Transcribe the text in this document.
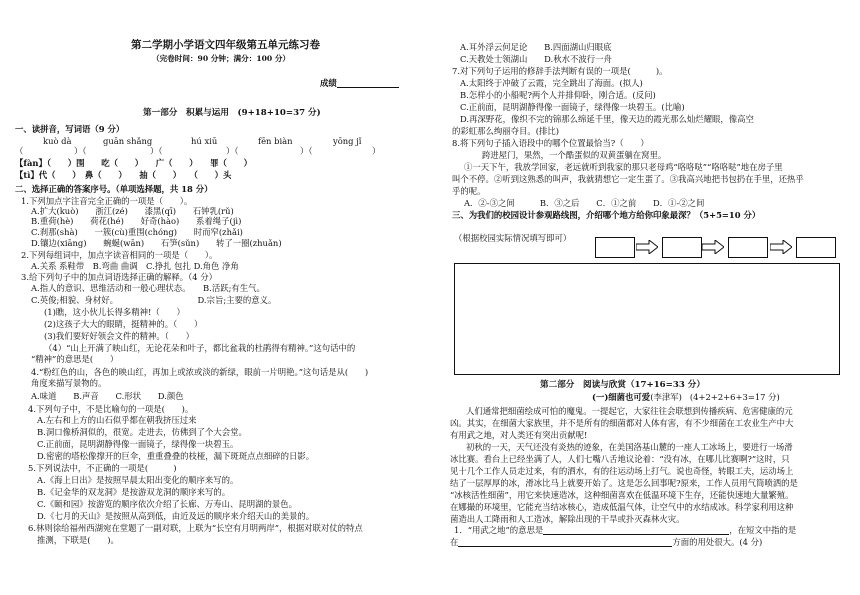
第二学期小学语文四年级第五单元练习卷
（完卷时间：90 分钟；满分：100 分）
成绩
第一部分　积累与运用　(9+18+10=37 分)
一、读拼音，写词语（9 分）
kuò dà	guān shǎng	hú xiū	fēn biàn	yōng jǐ
（	）（	）（	）（	）（	）
【fàn】（　　）围　　吃（　　）　　广（　　）　　罪（　　）
【tì】代（　　）　鼻（　　）　　抽（　　）　　（　　）头
二、选择正确的答案序号。（单项选择题，共 18 分）
1.下列加点字注音完全正确的一项是（　　）。
A.扩大(kuò)　　浙江(zé)　　漆黑(qī)　　石钟乳(rǔ)
B.重荷(hè)　　荷花(hé)　　好奇(hào)　　系着绳子(jì)
C.刹那(shà)　　一簇(cù)重围(chóng)　　时而窄(zhǎi)
D.镶边(xiāng)　　蜿蜒(wān)　　石笋(sǔn)　　转了一圈(zhuǎn)
2.下列每组词中，加点字读音相同的一项是（　　）。
A.关系 系鞋带　B.弯曲 曲调　C.挣扎 包扎 D.角色 净角
3.给下列句子中的加点词语选择正确的解释。（4 分）
A.指人的意识、思维活动和一般心理状态。　　B.活跃;有生气。
C.英俊;相貌、身材好。　　　　　　　　　　D.宗旨;主要的意义。
(1)瞧，这小伙儿长得多精神!（　　）
(2)这孩子大大的眼睛，挺精神的。（　　）
(3)我们要好好领会文件的精神。（　　）
（4）“山上开满了映山红，无论花朵和叶子，都比盆栽的杜鹃得有精神。”这句话中的
“精神”的意思是(　　）
4.“粉红色的山，各色的映山红，再加上或浓或淡的新绿，眼前一片明艳。”这句话是从(　　)
角度来描写景物的。
A.味道　　B.声音　　C.形状　　D.颜色
4.下列句子中，不是比喻句的一项是(　　)。
A.左右和上方的山石似乎都在朝我挤压过来
B.洞口像桥洞似的，很宽。走进去，仿佛到了个大会堂。
C.正前面，昆明湖静得像一面镜子，绿得像一块碧玉。
D.密密的塔松像撑开的巨伞，重重叠叠的枝桠，漏下斑斑点点细碎的日影。
5.下列说法中，不正确的一项是(　　　)
A.《海上日出》是按照早晨太阳出变化的顺序来写的。
B.《记金华的双龙洞》是按游双龙洞的顺序来写的。
C.《颐和园》按游览的顺序依次介绍了长廊、万寿山、昆明湖的景色。
D.《七月的天山》是按照从高到低，由近及远的顺序来介绍天山的美景的。
6.林则徐给福州西湖宛在堂题了一副对联，上联为“长空有月明两岸”，根据对联对仗的特点
推测，下联是(　　)。
A.耳外浮云何足论　　B.四面湖山归眼底
C.天教处士领湖山　　D.秋水不波行一舟
7.对下列句子运用的修辞手法判断有误的一项是(　　　)。
A.太阳终于冲破了云霞，完全跳出了海面。(拟人)
B.怎样小的小船呢?两个人并排仰卧，刚合适。(反问)
C.正前面，昆明湖静得像一面镜子，绿得像一块碧玉。(比喻)
D.再深野花，像织不完的锦那么绵延千里，像天边的霞光那么灿烂耀眼，像高空
的彩虹那么绚丽夺目。(排比)
8.将下列句子插入语段中的哪个位置最恰当?（　　）
跨进屋门，果然，一个酷蛋似的双黄蛋躺在窝里。
①一天下午，我放学回家，老远就听到我家的那只老母鸡“咯咯哒”“咯咯哒”地在房子里
叫个不停。②听到这熟悉的叫声，我就猜想它一定生蛋了。③我高兴地把书包扔在手里，还热乎
乎的呢。
A．②-③之间　　　B．③之后　　C．①之前　　D．①-②之间
三、为我们的校园设计参观路线图，介绍哪个地方给你印象最深？（5+5=10 分）
（根据校园实际情况填写即可）
第二部分　阅读与欣赏（17+16=33 分）
(一)细菌也可爱(李津军) (4+2+2+6+3=17 分)
人们通常把细菌绘成可怕的魔鬼。一提起它，大家往往会联想到传播疾病、危害健康的元
凶。其实，在细菌大家族里，并不是所有的细菌都对人体有害，有不少细菌在工农业生产中大
有用武之地，对人类还有突出贡献呢!
初秋的一天，天气还没有炎热的迹象，在美国洛基山麓的一座人工冰场上，要进行一场滑
冰比赛。看台上已经坐满了人，人们七嘴八舌地议论着：“没有冰，在哪儿比赛啊?”这时，只
见十几个工作人员走过来，有的洒水，有的往运动场上打气。说也奇怪，转眼工夫，运动场上
结了一层厚厚的冰，滑冰比马上就要开始了。这是怎么回事呢?原来，工作人员用气筒喷洒的是
“冰核活性细菌”，用它来快速造冰，这种细菌喜欢在低温环境下生存，还能快速地大量繁殖。
在娜撮的环境里，它能充当结冰核心，造成低温气体，让空气中的水结成冰。科学家利用这种
菌造出人工降雨和人工造冰，解除出现的干旱或扑灭森林火灾。
1．“用武之地”的意思是	，在短文中指的是
在	方面的用处很大。(4 分)
